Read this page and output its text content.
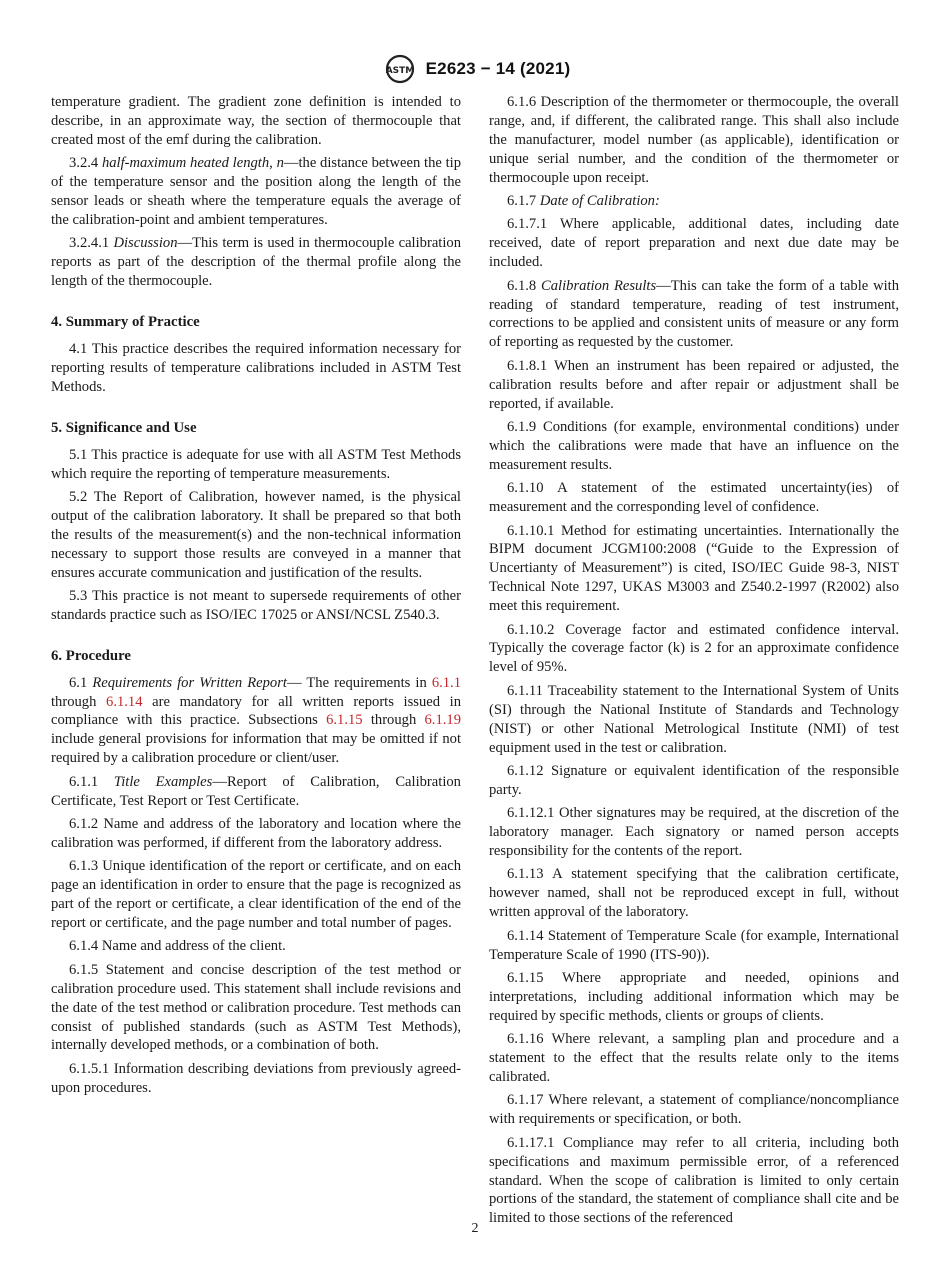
ASTM E2623 − 14 (2021)
temperature gradient. The gradient zone definition is intended to describe, in an approximate way, the section of thermocouple that created most of the emf during the calibration.
3.2.4 half-maximum heated length, n—the distance between the tip of the temperature sensor and the position along the length of the sensor leads or sheath where the temperature equals the average of the calibration-point and ambient temperatures.
3.2.4.1 Discussion—This term is used in thermocouple calibration reports as part of the description of the thermal profile along the length of the thermocouple.
4. Summary of Practice
4.1 This practice describes the required information necessary for reporting results of temperature calibrations included in ASTM Test Methods.
5. Significance and Use
5.1 This practice is adequate for use with all ASTM Test Methods which require the reporting of temperature measurements.
5.2 The Report of Calibration, however named, is the physical output of the calibration laboratory. It shall be prepared so that both the results of the measurement(s) and the non-technical information necessary to support those results are conveyed in a manner that ensures accurate communication and justification of the results.
5.3 This practice is not meant to supersede requirements of other standards practice such as ISO/IEC 17025 or ANSI/NCSL Z540.3.
6. Procedure
6.1 Requirements for Written Report— The requirements in 6.1.1 through 6.1.14 are mandatory for all written reports issued in compliance with this practice. Subsections 6.1.15 through 6.1.19 include general provisions for information that may be omitted if not required by a calibration procedure or client/user.
6.1.1 Title Examples—Report of Calibration, Calibration Certificate, Test Report or Test Certificate.
6.1.2 Name and address of the laboratory and location where the calibration was performed, if different from the laboratory address.
6.1.3 Unique identification of the report or certificate, and on each page an identification in order to ensure that the page is recognized as part of the report or certificate, a clear identification of the end of the report or certificate, and the page number and total number of pages.
6.1.4 Name and address of the client.
6.1.5 Statement and concise description of the test method or calibration procedure used. This statement shall include revisions and the date of the test method or calibration procedure. Test methods can consist of published standards (such as ASTM Test Methods), internally developed methods, or a combination of both.
6.1.5.1 Information describing deviations from previously agreed-upon procedures.
6.1.6 Description of the thermometer or thermocouple, the overall range, and, if different, the calibrated range. This shall also include the manufacturer, model number (as applicable), identification or unique serial number, and the condition of the thermometer or thermocouple upon receipt.
6.1.7 Date of Calibration:
6.1.7.1 Where applicable, additional dates, including date received, date of report preparation and next due date may be included.
6.1.8 Calibration Results—This can take the form of a table with reading of standard temperature, reading of test instrument, corrections to be applied and consistent units of measure or any form of reporting as requested by the customer.
6.1.8.1 When an instrument has been repaired or adjusted, the calibration results before and after repair or adjustment shall be reported, if available.
6.1.9 Conditions (for example, environmental conditions) under which the calibrations were made that have an influence on the measurement results.
6.1.10 A statement of the estimated uncertainty(ies) of measurement and the corresponding level of confidence.
6.1.10.1 Method for estimating uncertainties. Internationally the BIPM document JCGM100:2008 (“Guide to the Expression of Uncertianty of Measurement”) is cited, ISO/IEC Guide 98-3, NIST Technical Note 1297, UKAS M3003 and Z540.2-1997 (R2002) also meet this requirement.
6.1.10.2 Coverage factor and estimated confidence interval. Typically the coverage factor (k) is 2 for an approximate confidence level of 95%.
6.1.11 Traceability statement to the International System of Units (SI) through the National Institute of Standards and Technology (NIST) or other National Metrological Institute (NMI) of test equipment used in the test or calibration.
6.1.12 Signature or equivalent identification of the responsible party.
6.1.12.1 Other signatures may be required, at the discretion of the laboratory manager. Each signatory or named person accepts responsibility for the contents of the report.
6.1.13 A statement specifying that the calibration certificate, however named, shall not be reproduced except in full, without written approval of the laboratory.
6.1.14 Statement of Temperature Scale (for example, International Temperature Scale of 1990 (ITS-90)).
6.1.15 Where appropriate and needed, opinions and interpretations, including additional information which may be required by specific methods, clients or groups of clients.
6.1.16 Where relevant, a sampling plan and procedure and a statement to the effect that the results relate only to the items calibrated.
6.1.17 Where relevant, a statement of compliance/noncompliance with requirements or specification, or both.
6.1.17.1 Compliance may refer to all criteria, including both specifications and maximum permissible error, of a referenced standard. When the scope of calibration is limited to only certain portions of the standard, the statement of compliance shall cite and be limited to those sections of the referenced
2
